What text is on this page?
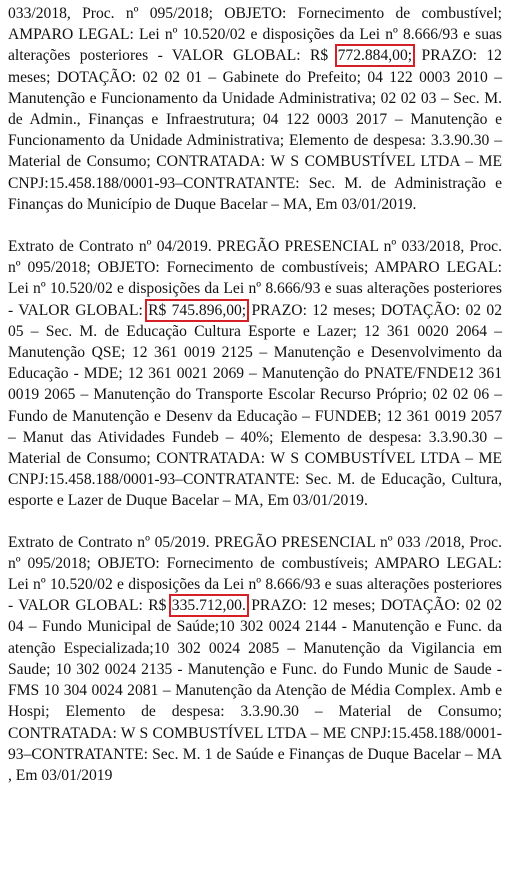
033/2018, Proc. nº 095/2018; OBJETO: Fornecimento de combustível; AMPARO LEGAL: Lei nº 10.520/02 e disposições da Lei nº 8.666/93 e suas alterações posteriores - VALOR GLOBAL: R$ 772.884,00; PRAZO: 12 meses; DOTAÇÃO: 02 02 01 – Gabinete do Prefeito; 04 122 0003 2010 – Manutenção e Funcionamento da Unidade Administrativa; 02 02 03 – Sec. M. de Admin., Finanças e Infraestrutura; 04 122 0003 2017 – Manutenção e Funcionamento da Unidade Administrativa; Elemento de despesa: 3.3.90.30 – Material de Consumo; CONTRATADA: W S COMBUSTÍVEL LTDA – ME CNPJ:15.458.188/0001-93–CONTRATANTE: Sec. M. de Administração e Finanças do Município de Duque Bacelar – MA, Em 03/01/2019.

Extrato de Contrato nº 04/2019. PREGÃO PRESENCIAL nº 033/2018, Proc. nº 095/2018; OBJETO: Fornecimento de combustíveis; AMPARO LEGAL: Lei nº 10.520/02 e disposições da Lei nº 8.666/93 e suas alterações posteriores - VALOR GLOBAL: R$ 745.896,00; PRAZO: 12 meses; DOTAÇÃO: 02 02 05 – Sec. M. de Educação Cultura Esporte e Lazer; 12 361 0020 2064 – Manutenção QSE; 12 361 0019 2125 – Manutenção e Desenvolvimento da Educação - MDE; 12 361 0021 2069 – Manutenção do PNATE/FNDE12 361 0019 2065 – Manutenção do Transporte Escolar Recurso Próprio; 02 02 06 – Fundo de Manutenção e Desenv da Educação – FUNDEB; 12 361 0019 2057 – Manut das Atividades Fundeb – 40%; Elemento de despesa: 3.3.90.30 – Material de Consumo; CONTRATADA: W S COMBUSTÍVEL LTDA – ME CNPJ:15.458.188/0001-93–CONTRATANTE: Sec. M. de Educação, Cultura, esporte e Lazer de Duque Bacelar – MA, Em 03/01/2019.

Extrato de Contrato nº 05/2019. PREGÃO PRESENCIAL nº 033 /2018, Proc. nº 095/2018; OBJETO: Fornecimento de combustíveis; AMPARO LEGAL: Lei nº 10.520/02 e disposições da Lei nº 8.666/93 e suas alterações posteriores - VALOR GLOBAL: R$ 335.712,00. PRAZO: 12 meses; DOTAÇÃO: 02 02 04 – Fundo Municipal de Saúde;10 302 0024 2144 - Manutenção e Func. da atenção Especializada;10 302 0024 2085 – Manutenção da Vigilancia em Saude; 10 302 0024 2135 - Manutenção e Func. do Fundo Munic de Saude - FMS 10 304 0024 2081 – Manutenção da Atenção de Média Complex. Amb e Hospi; Elemento de despesa: 3.3.90.30 – Material de Consumo; CONTRATADA: W S COMBUSTÍVEL LTDA – ME CNPJ:15.458.188/0001-93–CONTRATANTE: Sec. M. 1 de Saúde e Finanças de Duque Bacelar – MA , Em 03/01/2019
